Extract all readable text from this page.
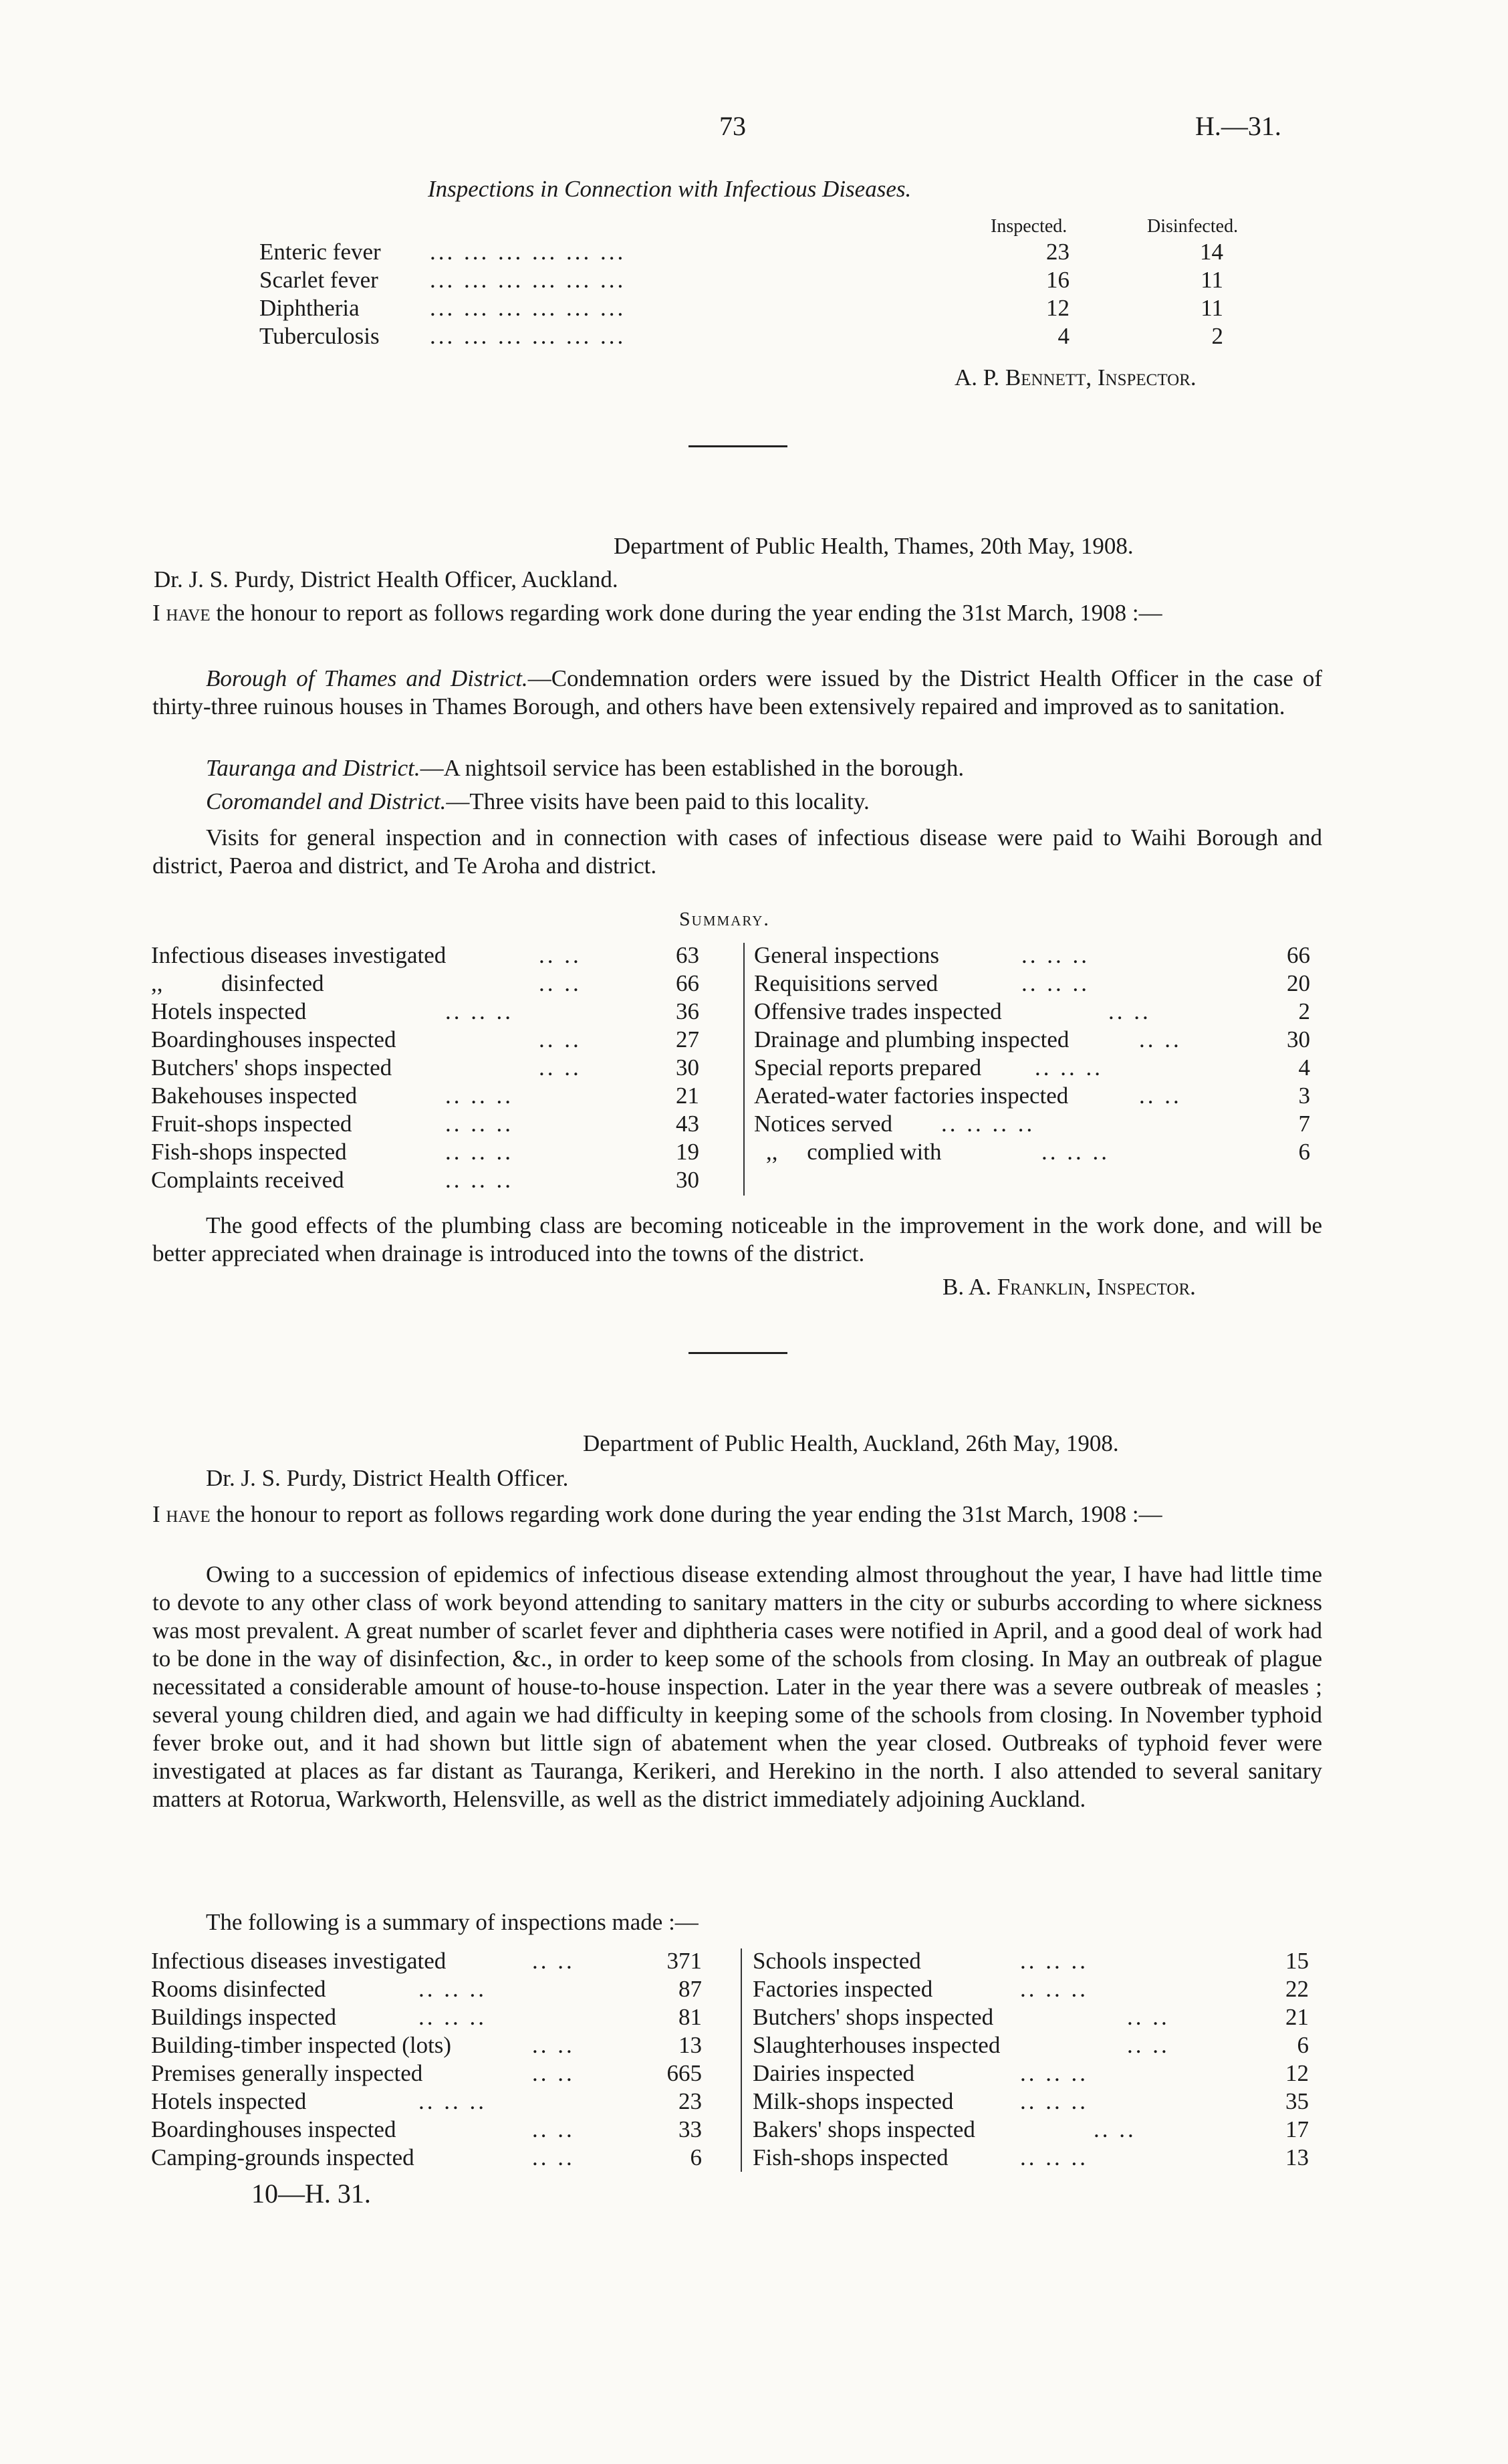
73	H.—31.
Inspections in Connection with Infectious Diseases.
Inspected.	Disinfected.
Enteric fever ... ... ... ... ... ...	23	14
Scarlet fever ... ... ... ... ... ...	16	11
Diphtheria	... ... ... ... ... ...	12	11
Tuberculosis ... ... ... ... ... ...	4	2
A. P. Bennett, Inspector.
Department of Public Health, Thames, 20th May, 1908.
Dr. J. S. Purdy, District Health Officer, Auckland.
I have the honour to report as follows regarding work done during the year ending the 31st March, 1908 :—
Borough of Thames and District.—Condemnation orders were issued by the District Health Officer in the case of thirty-three ruinous houses in Thames Borough, and others have been extensively repaired and improved as to sanitation.
Tauranga and District.—A nightsoil service has been established in the borough.
Coromandel and District.—Three visits have been paid to this locality.
Visits for general inspection and in connection with cases of infectious disease were paid to Waihi Borough and district, Paeroa and district, and Te Aroha and district.
Summary.
Infectious diseases investigated	.. ..	63
,,          disinfected	.. ..	66
Hotels inspected	.. .. ..	36
Boardinghouses inspected	.. ..	27
Butchers' shops inspected	.. ..	30
Bakehouses inspected	.. .. ..	21
Fruit-shops inspected	.. .. ..	43
Fish-shops inspected	.. .. ..	19
Complaints received	.. .. ..	30
General inspections	.. .. ..	66
Requisitions served	.. .. ..	20
Offensive trades inspected	.. ..	2
Drainage and plumbing inspected	.. ..	30
Special reports prepared .. .. ..	4
Aerated-water factories inspected	.. ..	3
Notices served .. .. .. ..	7
,,     complied with	.. .. ..	6
The good effects of the plumbing class are becoming noticeable in the improvement in the work done, and will be better appreciated when drainage is introduced into the towns of the district.
B. A. Franklin, Inspector.
Department of Public Health, Auckland, 26th May, 1908.
Dr. J. S. Purdy, District Health Officer.
I have the honour to report as follows regarding work done during the year ending the 31st March, 1908 :—
Owing to a succession of epidemics of infectious disease extending almost throughout the year, I have had little time to devote to any other class of work beyond attending to sanitary matters in the city or suburbs according to where sickness was most prevalent. A great number of scarlet fever and diphtheria cases were notified in April, and a good deal of work had to be done in the way of disinfection, &c., in order to keep some of the schools from closing. In May an outbreak of plague necessitated a considerable amount of house-to-house inspection. Later in the year there was a severe outbreak of measles ; several young children died, and again we had difficulty in keeping some of the schools from closing. In November typhoid fever broke out, and it had shown but little sign of abatement when the year closed. Outbreaks of typhoid fever were investigated at places as far distant as Tauranga, Kerikeri, and Herekino in the north. I also attended to several sanitary matters at Rotorua, Warkworth, Helensville, as well as the district immediately adjoining Auckland.
The following is a summary of inspections made :—
Infectious diseases investigated	.. ..	371
Rooms disinfected	.. .. ..	87
Buildings inspected	.. .. ..	81
Building-timber inspected (lots)	.. ..	13
Premises generally inspected	.. ..	665
Hotels inspected	.. .. ..	23
Boardinghouses inspected	.. ..	33
Camping-grounds inspected	.. ..	6
Schools inspected	.. .. ..	15
Factories inspected	.. .. ..	22
Butchers' shops inspected	.. ..	21
Slaughterhouses inspected	.. ..	6
Dairies inspected	.. .. ..	12
Milk-shops inspected	.. .. ..	35
Bakers' shops inspected	.. ..	17
Fish-shops inspected	.. .. ..	13
10—H. 31.
